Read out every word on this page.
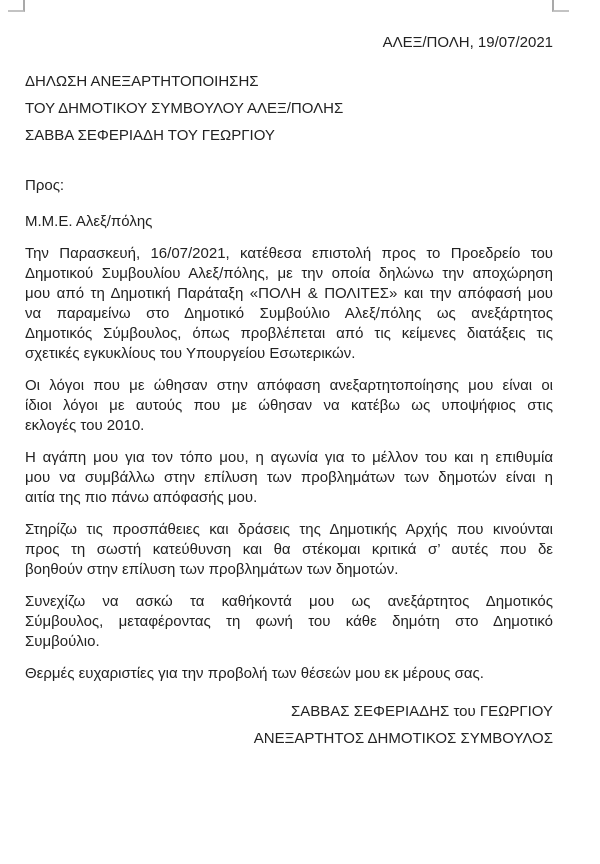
ΑΛΕΞ/ΠΟΛΗ, 19/07/2021
ΔΗΛΩΣΗ ΑΝΕΞΑΡΤΗΤΟΠΟΙΗΣΗΣ
ΤΟΥ ΔΗΜΟΤΙΚΟΥ ΣΥΜΒΟΥΛΟΥ ΑΛΕΞ/ΠΟΛΗΣ
ΣΑΒΒΑ ΣΕΦΕΡΙΑΔΗ ΤΟΥ ΓΕΩΡΓΙΟΥ
Προς:
Μ.Μ.Ε. Αλεξ/πόλης
Την Παρασκευή, 16/07/2021, κατέθεσα επιστολή προς το Προεδρείο του
Δημοτικού Συμβουλίου Αλεξ/πόλης, με την οποία δηλώνω την αποχώρηση
μου από τη Δημοτική Παράταξη «ΠΟΛΗ & ΠΟΛΙΤΕΣ» και την απόφασή μου
να παραμείνω στο Δημοτικό Συμβούλιο Αλεξ/πόλης ως ανεξάρτητος
Δημοτικός Σύμβουλος, όπως προβλέπεται από τις κείμενες διατάξεις τις
σχετικές εγκυκλίους του Υπουργείου Εσωτερικών.
Οι λόγοι που με ώθησαν στην απόφαση ανεξαρτητοποίησης μου είναι οι
ίδιοι λόγοι με αυτούς που με ώθησαν να κατέβω ως υποψήφιος στις
εκλογές του 2010.
Η αγάπη μου για τον τόπο μου, η αγωνία για το μέλλον του και η επιθυμία
μου να συμβάλλω στην επίλυση των προβλημάτων των δημοτών είναι η
αιτία της πιο πάνω απόφασής μου.
Στηρίζω τις προσπάθειες και δράσεις της Δημοτικής Αρχής που κινούνται
προς τη σωστή κατεύθυνση και θα στέκομαι κριτικά σ’ αυτές που δε
βοηθούν στην επίλυση των προβλημάτων των δημοτών.
Συνεχίζω να ασκώ τα καθήκοντά μου ως ανεξάρτητος Δημοτικός
Σύμβουλος, μεταφέροντας τη φωνή του κάθε δημότη στο Δημοτικό
Συμβούλιο.
Θερμές ευχαριστίες για την προβολή των θέσεών μου εκ μέρους σας.
ΣΑΒΒΑΣ ΣΕΦΕΡΙΑΔΗΣ του ΓΕΩΡΓΙΟΥ
ΑΝΕΞΑΡΤΗΤΟΣ ΔΗΜΟΤΙΚΟΣ ΣΥΜΒΟΥΛΟΣ
